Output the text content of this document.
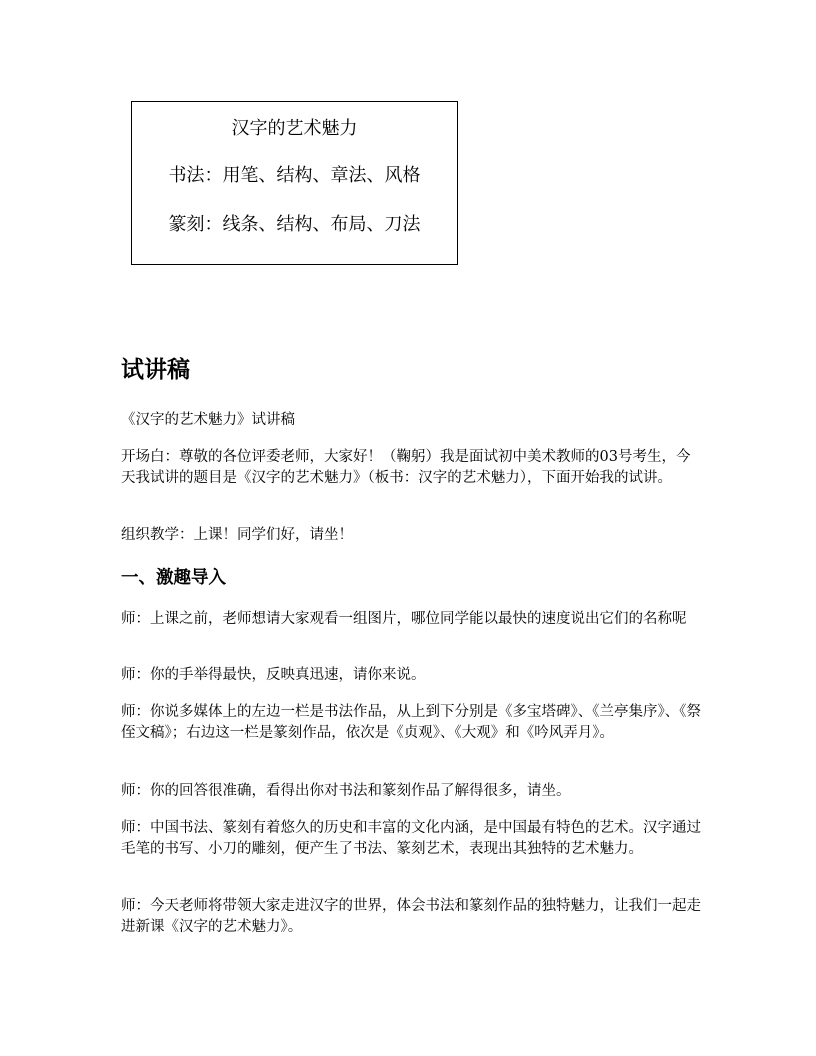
汉字的艺术魅力
书法：用笔、结构、章法、风格
篆刻：线条、结构、布局、刀法
试讲稿

《汉字的艺术魅力》试讲稿

开场白：尊敬的各位评委老师，大家好！（鞠躬）我是面试初中美术教师的03号考生，今天我试讲的题目是《汉字的艺术魅力》（板书：汉字的艺术魅力），下面开始我的试讲。

组织教学：上课！同学们好，请坐！

一、激趣导入

师：上课之前，老师想请大家观看一组图片，哪位同学能以最快的速度说出它们的名称呢

师：你的手举得最快，反映真迅速，请你来说。

师：你说多媒体上的左边一栏是书法作品，从上到下分别是《多宝塔碑》、《兰亭集序》、《祭侄文稿》；右边这一栏是篆刻作品，依次是《贞观》、《大观》和《吟风弄月》。

师：你的回答很准确，看得出你对书法和篆刻作品了解得很多，请坐。

师：中国书法、篆刻有着悠久的历史和丰富的文化内涵，是中国最有特色的艺术。汉字通过毛笔的书写、小刀的雕刻，便产生了书法、篆刻艺术，表现出其独特的艺术魅力。

师：今天老师将带领大家走进汉字的世界，体会书法和篆刻作品的独特魅力，让我们一起走进新课《汉字的艺术魅力》。
